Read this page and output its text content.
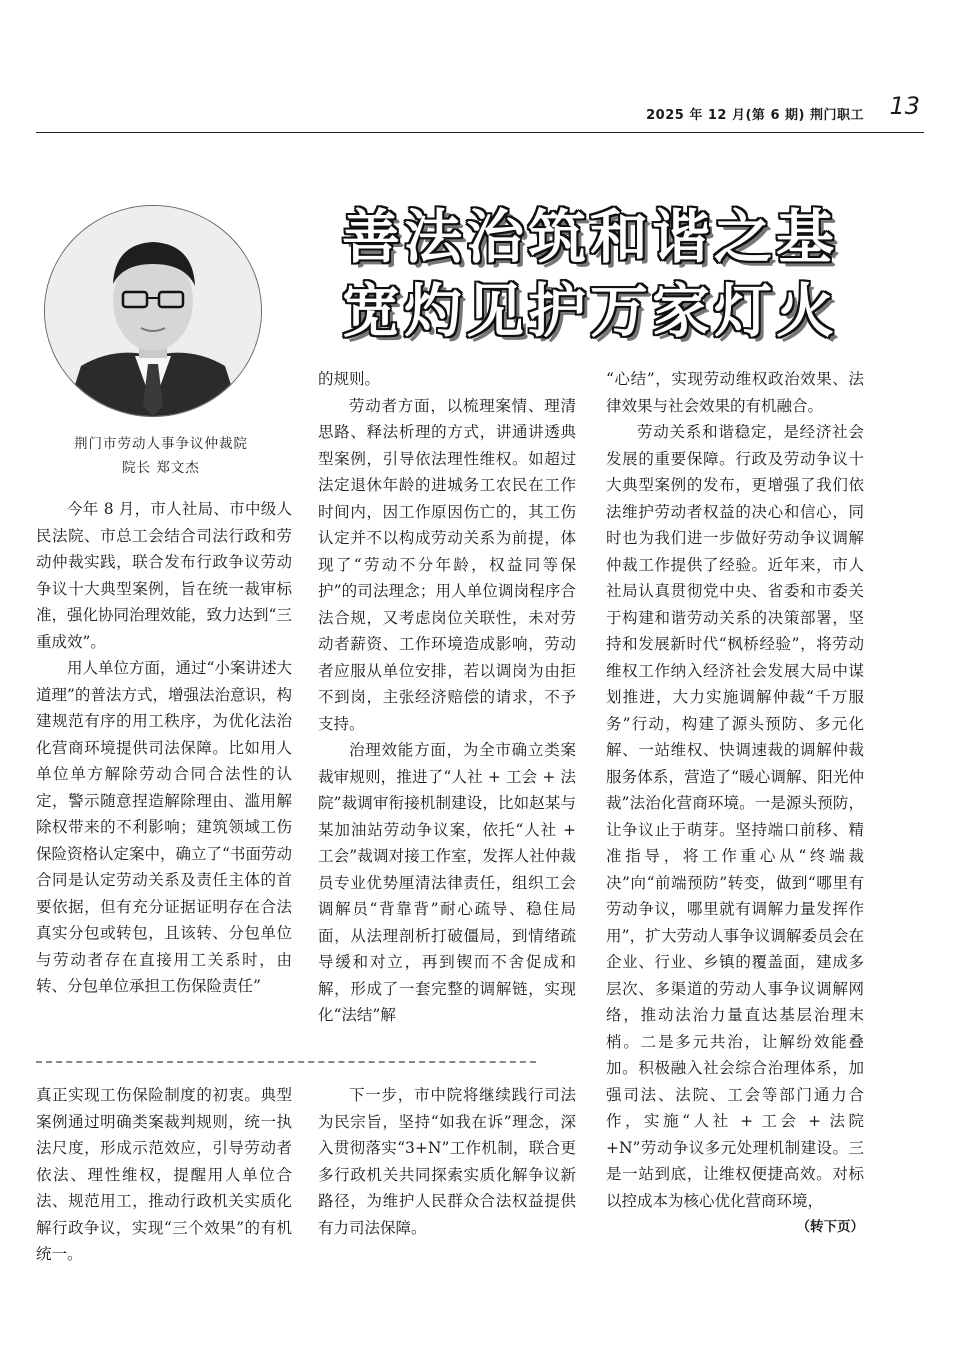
2025 年 12 月(第 6 期) 荆门职工 13
荆门市劳动人事争议仲裁院
院长 郑文杰
善法治筑和谐之基
宽灼见护万家灯火

今年 8 月，市人社局、市中级人民法院、市总工会结合司法行政和劳动仲裁实践，联合发布行政争议劳动争议十大典型案例，旨在统一裁审标准，强化协同治理效能，致力达到“三重成效”。

用人单位方面，通过“小案讲述大道理”的普法方式，增强法治意识，构建规范有序的用工秩序，为优化法治化营商环境提供司法保障。比如用人单位单方解除劳动合同合法性的认定，警示随意捏造解除理由、滥用解除权带来的不利影响；建筑领域工伤保险资格认定案中，确立了“书面劳动合同是认定劳动关系及责任主体的首要依据，但有充分证据证明存在合法真实分包或转包，且该转、分包单位与劳动者存在直接用工关系时，由转、分包单位承担工伤保险责任”

的规则。

劳动者方面，以梳理案情、理清思路、释法析理的方式，讲通讲透典型案例，引导依法理性维权。如超过法定退休年龄的进城务工农民在工作时间内，因工作原因伤亡的，其工伤认定并不以构成劳动关系为前提，体现了“劳动不分年龄，权益同等保护”的司法理念；用人单位调岗程序合法合规，又考虑岗位关联性，未对劳动者薪资、工作环境造成影响，劳动者应服从单位安排，若以调岗为由拒不到岗，主张经济赔偿的请求，不予支持。

治理效能方面，为全市确立类案裁审规则，推进了“人社 + 工会 + 法院”裁调审衔接机制建设，比如赵某与某加油站劳动争议案，依托“人社 + 工会”裁调对接工作室，发挥人社仲裁员专业优势厘清法律责任，组织工会调解员“背靠背”耐心疏导、稳住局面，从法理剖析打破僵局，到情绪疏导缓和对立，再到锲而不舍促成和解，形成了一套完整的调解链，实现化“法结”解

“心结”，实现劳动维权政治效果、法律效果与社会效果的有机融合。

劳动关系和谐稳定，是经济社会发展的重要保障。行政及劳动争议十大典型案例的发布，更增强了我们依法维护劳动者权益的决心和信心，同时也为我们进一步做好劳动争议调解仲裁工作提供了经验。近年来，市人社局认真贯彻党中央、省委和市委关于构建和谐劳动关系的决策部署，坚持和发展新时代“枫桥经验”，将劳动维权工作纳入经济社会发展大局中谋划推进，大力实施调解仲裁“千万服务”行动，构建了源头预防、多元化解、一站维权、快调速裁的调解仲裁服务体系，营造了“暖心调解、阳光仲裁”法治化营商环境。一是源头预防，让争议止于萌芽。坚持端口前移、精准指导，将工作重心从“终端裁决”向“前端预防”转变，做到“哪里有劳动争议，哪里就有调解力量发挥作用”，扩大劳动人事争议调解委员会在企业、行业、乡镇的覆盖面，建成多层次、多渠道的劳动人事争议调解网络，推动法治力量直达基层治理末梢。二是多元共治，让解纷效能叠加。积极融入社会综合治理体系，加强司法、法院、工会等部门通力合作，实施“人社 + 工会 + 法院 +N”劳动争议多元处理机制建设。三是一站到底，让维权便捷高效。对标以控成本为核心优化营商环境，
（转下页）

真正实现工伤保险制度的初衷。典型案例通过明确类案裁判规则，统一执法尺度，形成示范效应，引导劳动者依法、理性维权，提醒用人单位合法、规范用工，推动行政机关实质化解行政争议，实现“三个效果”的有机统一。

下一步，市中院将继续践行司法为民宗旨，坚持“如我在诉”理念，深入贯彻落实“3+N”工作机制，联合更多行政机关共同探索实质化解争议新路径，为维护人民群众合法权益提供有力司法保障。
